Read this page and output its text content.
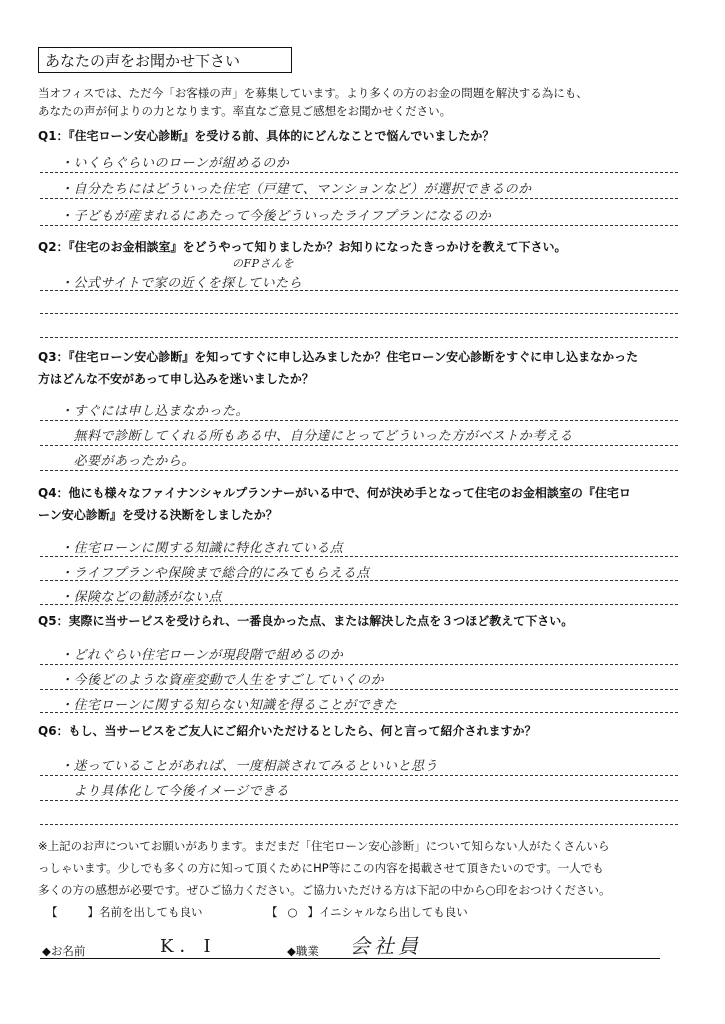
あなたの声をお聞かせ下さい
当オフィスでは、ただ今「お客様の声」を募集しています。より多くの方のお金の問題を解決する為にも、
あなたの声が何よりの力となります。率直なご意見ご感想をお聞かせください。
Q1：『住宅ローン安心診断』を受ける前、具体的にどんなことで悩んでいましたか？
・いくらぐらいのローンが組めるのか
・自分たちにはどういった住宅（戸建て、マンションなど）が選択できるのか
・子どもが産まれるにあたって今後どういったライフプランになるのか
Q2：『住宅のお金相談室』をどうやって知りましたか？お知りになったきっかけを教えて下さい。
のFPさんを
・公式サイトで家の近くを探していたら
Q3：『住宅ローン安心診断』を知ってすぐに申し込みましたか？住宅ローン安心診断をすぐに申し込まなかった
方はどんな不安があって申し込みを迷いましたか？
・すぐには申し込まなかった。
　無料で診断してくれる所もある中、自分達にとってどういった方がベストか考える
　必要があったから。
Q4：他にも様々なファイナンシャルプランナーがいる中で、何が決め手となって住宅のお金相談室の『住宅ロ
ーン安心診断』を受ける決断をしましたか？
・住宅ローンに関する知識に特化されている点
・ライフプランや保険まで総合的にみてもらえる点
・保険などの勧誘がない点
Q5：実際に当サービスを受けられ、一番良かった点、または解決した点を３つほど教えて下さい。
・どれぐらい住宅ローンが現段階で組めるのか
・今後どのような資産変動で人生をすごしていくのか
・住宅ローンに関する知らない知識を得ることができた
Q6：もし、当サービスをご友人にご紹介いただけるとしたら、何と言って紹介されますか？
・迷っていることがあれば、一度相談されてみるといいと思う
　より具体化して今後イメージできる
※上記のお声についてお願いがあります。まだまだ「住宅ローン安心診断」について知らない人がたくさんいら
っしゃいます。少しでも多くの方に知って頂くためにHP等にこの内容を掲載させて頂きたいのです。一人でも
多くの方の感想が必要です。ぜひご協力ください。ご協力いただける方は下記の中から○印をおつけください。
【	】名前を出しても良い	【 ○ 】イニシャルなら出しても良い
◆お名前	K．I	◆職業 会社員
